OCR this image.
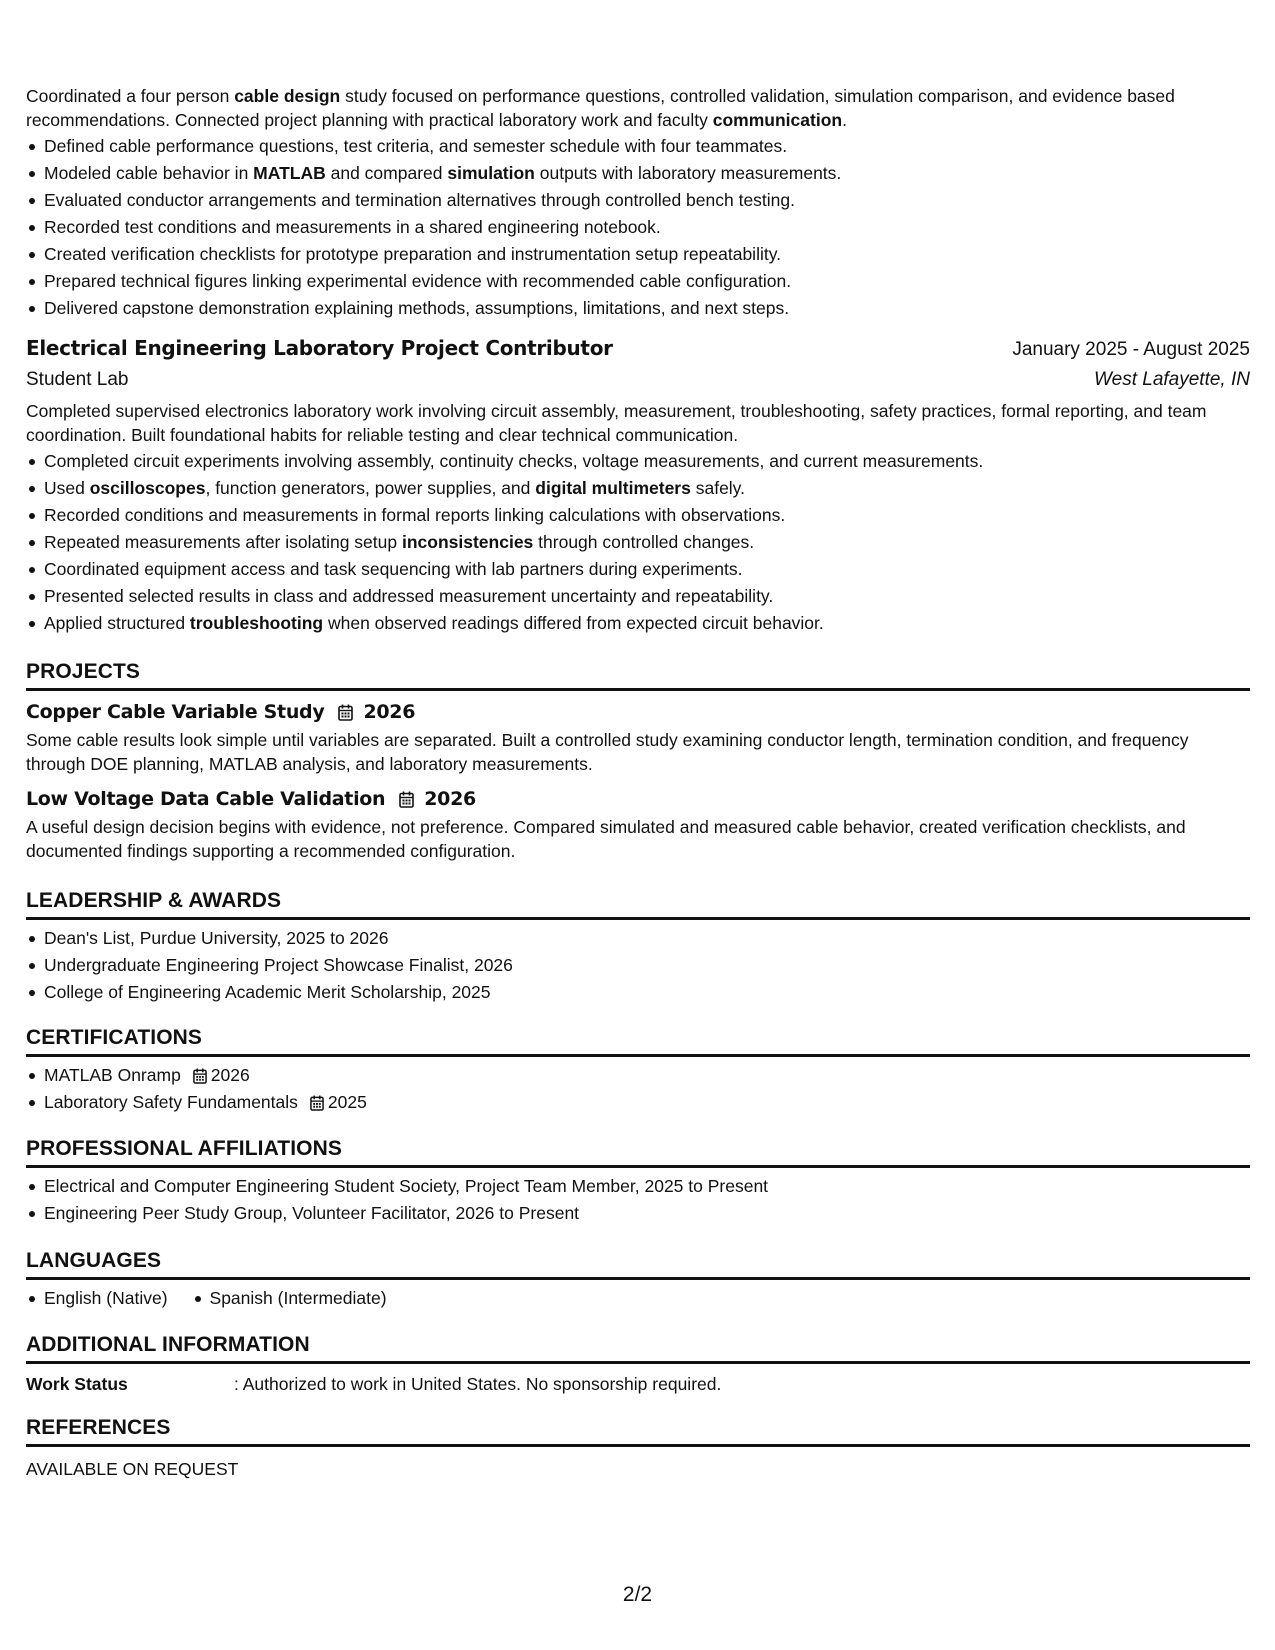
Coordinated a four person cable design study focused on performance questions, controlled validation, simulation comparison, and evidence based recommendations. Connected project planning with practical laboratory work and faculty communication.

Defined cable performance questions, test criteria, and semester schedule with four teammates.
Modeled cable behavior in MATLAB and compared simulation outputs with laboratory measurements.
Evaluated conductor arrangements and termination alternatives through controlled bench testing.
Recorded test conditions and measurements in a shared engineering notebook.
Created verification checklists for prototype preparation and instrumentation setup repeatability.
Prepared technical figures linking experimental evidence with recommended cable configuration.
Delivered capstone demonstration explaining methods, assumptions, limitations, and next steps.
Electrical Engineering Laboratory Project Contributor	January 2025 - August 2025
Student Lab	West Lafayette, IN

Completed supervised electronics laboratory work involving circuit assembly, measurement, troubleshooting, safety practices, formal reporting, and team coordination. Built foundational habits for reliable testing and clear technical communication.

Completed circuit experiments involving assembly, continuity checks, voltage measurements, and current measurements.
Used oscilloscopes, function generators, power supplies, and digital multimeters safely.
Recorded conditions and measurements in formal reports linking calculations with observations.
Repeated measurements after isolating setup inconsistencies through controlled changes.
Coordinated equipment access and task sequencing with lab partners during experiments.
Presented selected results in class and addressed measurement uncertainty and repeatability.
Applied structured troubleshooting when observed readings differed from expected circuit behavior.
PROJECTS
Copper Cable Variable Study 2026

Some cable results look simple until variables are separated. Built a controlled study examining conductor length, termination condition, and frequency through DOE planning, MATLAB analysis, and laboratory measurements.

Low Voltage Data Cable Validation 2026

A useful design decision begins with evidence, not preference. Compared simulated and measured cable behavior, created verification checklists, and documented findings supporting a recommended configuration.

LEADERSHIP & AWARDS
Dean's List, Purdue University, 2025 to 2026
Undergraduate Engineering Project Showcase Finalist, 2026
College of Engineering Academic Merit Scholarship, 2025
CERTIFICATIONS
MATLAB Onramp 2026
Laboratory Safety Fundamentals 2025
PROFESSIONAL AFFILIATIONS
Electrical and Computer Engineering Student Society, Project Team Member, 2025 to Present
Engineering Peer Study Group, Volunteer Facilitator, 2026 to Present
LANGUAGES
English (Native) Spanish (Intermediate)
ADDITIONAL INFORMATION
Work Status	: Authorized to work in United States. No sponsorship required.
REFERENCES

AVAILABLE ON REQUEST

2/2
